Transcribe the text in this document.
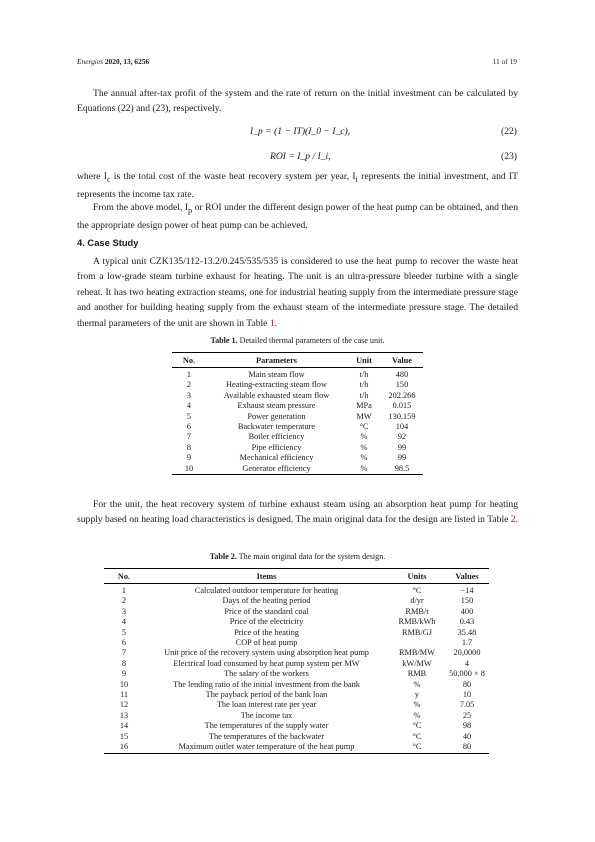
Energies 2020, 13, 6256	11 of 19

The annual after-tax profit of the system and the rate of return on the initial investment can be calculated by Equations (22) and (23), respectively.

I_p = (1 − IT)(I_0 − I_c),	(22)
ROI = I_p / I_i,	(23)

where $I_c$ is the total cost of the waste heat recovery system per year, $I_i$ represents the initial investment, and IT represents the income tax rate.

From the above model, $I_p$ or ROI under the different design power of the heat pump can be obtained, and then the appropriate design power of heat pump can be achieved.

4. Case Study

A typical unit CZK135/112-13.2/0.245/535/535 is considered to use the heat pump to recover the waste heat from a low-grade steam turbine exhaust for heating. The unit is an ultra-pressure bleeder turbine with a single reheat. It has two heating extraction steams, one for industrial heating supply from the intermediate pressure stage and another for building heating supply from the exhaust steam of the intermediate pressure stage. The detailed thermal parameters of the unit are shown in Table 1.

Table 1. Detailed thermal parameters of the case unit.
No.	Parameters	Unit	Value
1	Main steam flow	t/h	480
2	Heating-extracting steam flow	t/h	150
3	Available exhausted steam flow	t/h	202.266
4	Exhaust steam pressure	MPa	0.015
5	Power generation	MW	130.159
6	Backwater temperature	°C	104
7	Boiler efficiency	%	92
8	Pipe efficiency	%	99
9	Mechanical efficiency	%	99
10	Generator efficiency	%	98.5

For the unit, the heat recovery system of turbine exhaust steam using an absorption heat pump for heating supply based on heating load characteristics is designed. The main original data for the design are listed in Table 2.

Table 2. The main original data for the system design.
No.	Items	Units	Values
1	Calculated outdoor temperature for heating	°C	−14
2	Days of the heating period	d/yr	150
3	Price of the standard coal	RMB/t	400
4	Price of the electricity	RMB/kWh	0.43
5	Price of the heating	RMB/GJ	35.48
6	COP of heat pump		1.7
7	Unit price of the recovery system using absorption heat pump	RMB/MW	20,0000
8	Electrical load consumed by heat pump system per MW	kW/MW	4
9	The salary of the workers	RMB	50,000 × 8
10	The lending ratio of the initial investment from the bank	%	80
11	The payback period of the bank loan	y	10
12	The loan interest rate per year	%	7.05
13	The income tax	%	25
14	The temperatures of the supply water	°C	98
15	The temperatures of the backwater	°C	40
16	Maximum outlet water temperature of the heat pump	°C	80
